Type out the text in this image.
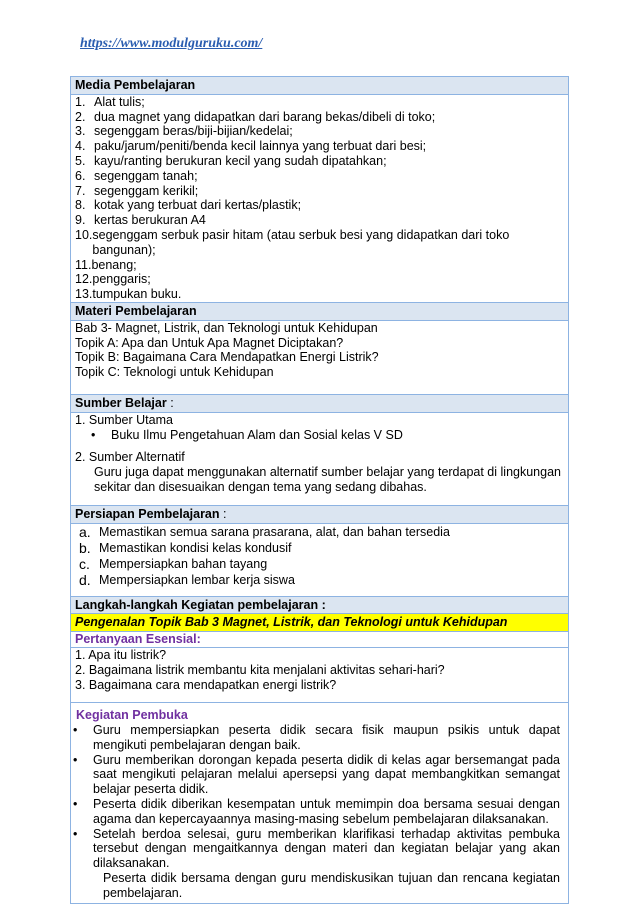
https://www.modulguruku.com/
Media Pembelajaran
1. Alat tulis;
2. dua magnet yang didapatkan dari barang bekas/dibeli di toko;
3. segenggam beras/biji-bijian/kedelai;
4. paku/jarum/peniti/benda kecil lainnya yang terbuat dari besi;
5. kayu/ranting berukuran kecil yang sudah dipatahkan;
6. segenggam tanah;
7. segenggam kerikil;
8. kotak yang terbuat dari kertas/plastik;
9. kertas berukuran A4
10. segenggam serbuk pasir hitam (atau serbuk besi yang didapatkan dari toko bangunan);
11. benang;
12. penggaris;
13. tumpukan buku.
Materi Pembelajaran
Bab 3- Magnet, Listrik, dan Teknologi untuk Kehidupan
Topik A: Apa dan Untuk Apa Magnet Diciptakan?
Topik B: Bagaimana Cara Mendapatkan Energi Listrik?
Topik C: Teknologi untuk Kehidupan
Sumber Belajar :
1. Sumber Utama
•	Buku Ilmu Pengetahuan Alam dan Sosial kelas V SD
2. Sumber Alternatif
Guru juga dapat menggunakan alternatif sumber belajar yang terdapat di lingkungan sekitar dan disesuaikan dengan tema yang sedang dibahas.
Persiapan Pembelajaran :
a. Memastikan semua sarana prasarana, alat, dan bahan tersedia
b. Memastikan kondisi kelas kondusif
c. Mempersiapkan bahan tayang
d. Mempersiapkan lembar kerja siswa
Langkah-langkah Kegiatan pembelajaran :
Pengenalan Topik Bab 3 Magnet, Listrik, dan Teknologi untuk Kehidupan
Pertanyaan Esensial:
1. Apa itu listrik?
2. Bagaimana listrik membantu kita menjalani aktivitas sehari-hari?
3. Bagaimana cara mendapatkan energi listrik?
Kegiatan Pembuka
•	Guru mempersiapkan peserta didik secara fisik maupun psikis untuk dapat mengikuti pembelajaran dengan baik.
•	Guru memberikan dorongan kepada peserta didik di kelas agar bersemangat pada saat mengikuti pelajaran melalui apersepsi yang dapat membangkitkan semangat belajar peserta didik.
•	Peserta didik diberikan kesempatan untuk memimpin doa bersama sesuai dengan agama dan kepercayaannya masing-masing sebelum pembelajaran dilaksanakan.
•	Setelah berdoa selesai, guru memberikan klarifikasi terhadap aktivitas pembuka tersebut dengan mengaitkannya dengan materi dan kegiatan belajar yang akan dilaksanakan.
Peserta didik bersama dengan guru mendiskusikan tujuan dan rencana kegiatan pembelajaran.
